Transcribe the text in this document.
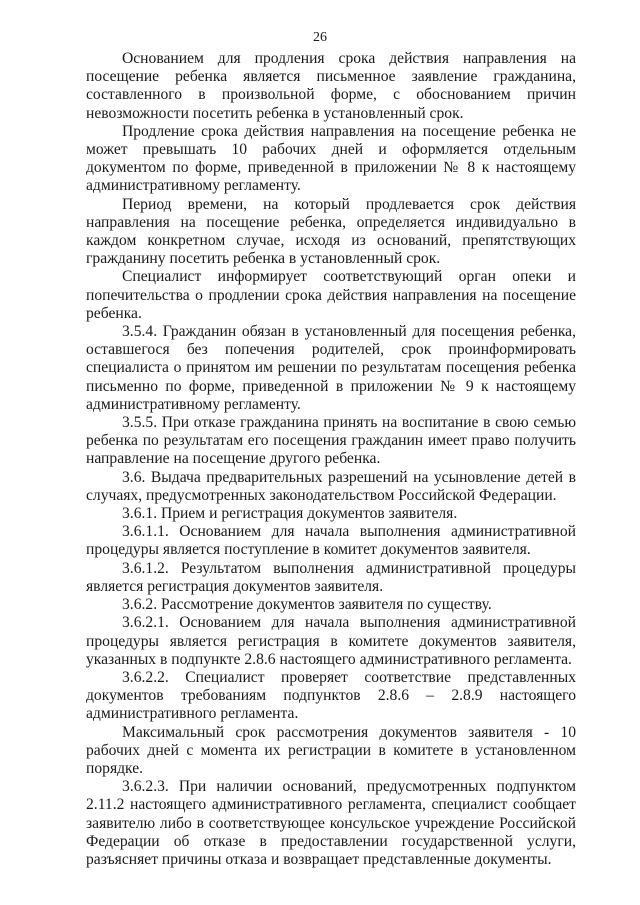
26

Основанием для продления срока действия направления на посещение ребенка является письменное заявление гражданина, составленного в произвольной форме, с обоснованием причин невозможности посетить ребенка в установленный срок.

Продление срока действия направления на посещение ребенка не может превышать 10 рабочих дней и оформляется отдельным документом по форме, приведенной в приложении № 8 к настоящему административному регламенту.

Период времени, на который продлевается срок действия направления на посещение ребенка, определяется индивидуально в каждом конкретном случае, исходя из оснований, препятствующих гражданину посетить ребенка в установленный срок.

Специалист информирует соответствующий орган опеки и попечительства о продлении срока действия направления на посещение ребенка.

3.5.4. Гражданин обязан в установленный для посещения ребенка, оставшегося без попечения родителей, срок проинформировать специалиста о принятом им решении по результатам посещения ребенка письменно по форме, приведенной в приложении № 9 к настоящему административному регламенту.

3.5.5. При отказе гражданина принять на воспитание в свою семью ребенка по результатам его посещения гражданин имеет право получить направление на посещение другого ребенка.

3.6. Выдача предварительных разрешений на усыновление детей в случаях, предусмотренных законодательством Российской Федерации.

3.6.1. Прием и регистрация документов заявителя.

3.6.1.1. Основанием для начала выполнения административной процедуры является поступление в комитет документов заявителя.

3.6.1.2. Результатом выполнения административной процедуры является регистрация документов заявителя.

3.6.2. Рассмотрение документов заявителя по существу.

3.6.2.1. Основанием для начала выполнения административной процедуры является регистрация в комитете документов заявителя, указанных в подпункте 2.8.6 настоящего административного регламента.

3.6.2.2. Специалист проверяет соответствие представленных документов требованиям подпунктов 2.8.6 – 2.8.9 настоящего административного регламента.

Максимальный срок рассмотрения документов заявителя - 10 рабочих дней с момента их регистрации в комитете в установленном порядке.

3.6.2.3. При наличии оснований, предусмотренных подпунктом 2.11.2 настоящего административного регламента, специалист сообщает заявителю либо в соответствующее консульское учреждение Российской Федерации об отказе в предоставлении государственной услуги, разъясняет причины отказа и возвращает представленные документы.
